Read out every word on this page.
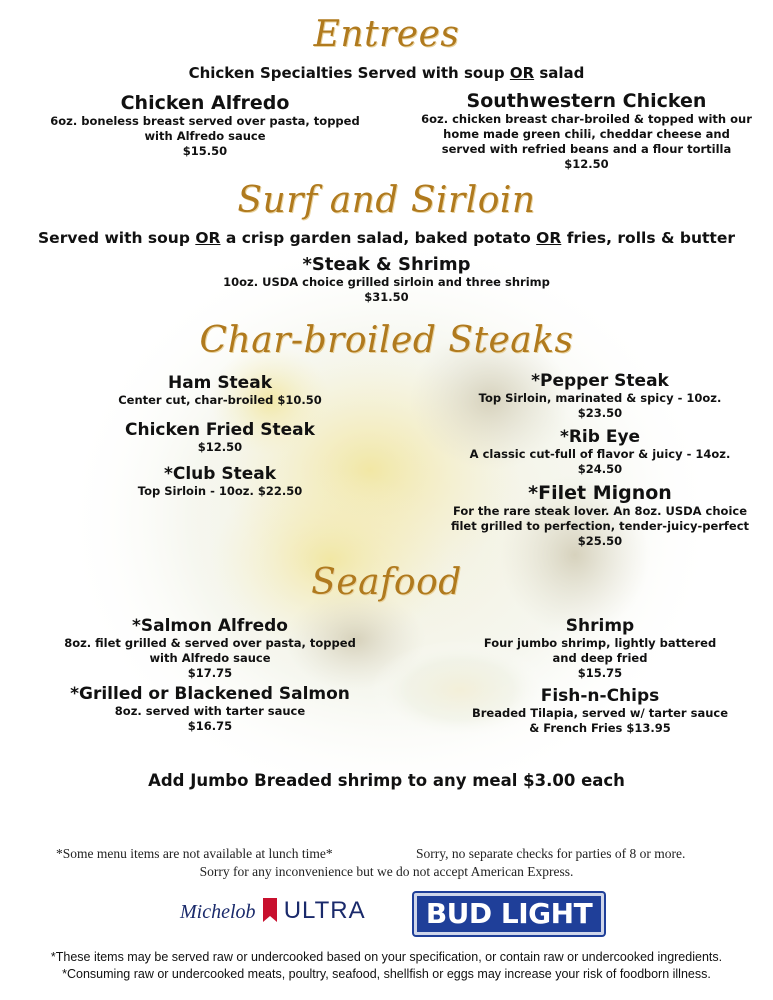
Entrees
Chicken Specialties Served with soup OR salad
Chicken Alfredo
6oz. boneless breast served over pasta, topped
with Alfredo sauce
$15.50
Southwestern Chicken
6oz. chicken breast char-broiled & topped with our
home made green chili, cheddar cheese and
served with refried beans and a flour tortilla
$12.50
Surf and Sirloin
Served with soup OR a crisp garden salad, baked potato OR fries, rolls & butter
*Steak & Shrimp
10oz. USDA choice grilled sirloin and three shrimp
$31.50
Char-broiled Steaks
Ham Steak
Center cut, char-broiled $10.50
Chicken Fried Steak
$12.50
*Club Steak
Top Sirloin - 10oz. $22.50
*Pepper Steak
Top Sirloin, marinated & spicy - 10oz.
$23.50
*Rib Eye
A classic cut-full of flavor & juicy - 14oz.
$24.50
*Filet Mignon
For the rare steak lover. An 8oz. USDA choice
filet grilled to perfection, tender-juicy-perfect
$25.50
Seafood
*Salmon Alfredo
8oz. filet grilled & served over pasta, topped
with Alfredo sauce
$17.75
*Grilled or Blackened Salmon
8oz. served with tarter sauce
$16.75
Shrimp
Four jumbo shrimp, lightly battered
and deep fried
$15.75
Fish-n-Chips
Breaded Tilapia, served w/ tarter sauce
& French Fries $13.95
Add Jumbo Breaded shrimp to any meal $3.00 each
*Some menu items are not available at lunch time*	Sorry, no separate checks for parties of 8 or more.
Sorry for any inconvenience but we do not accept American Express.
Michelob ULTRA	BUD LIGHT
*These items may be served raw or undercooked based on your specification, or contain raw or undercooked ingredients.
*Consuming raw or undercooked meats, poultry, seafood, shellfish or eggs may increase your risk of foodborn illness.
